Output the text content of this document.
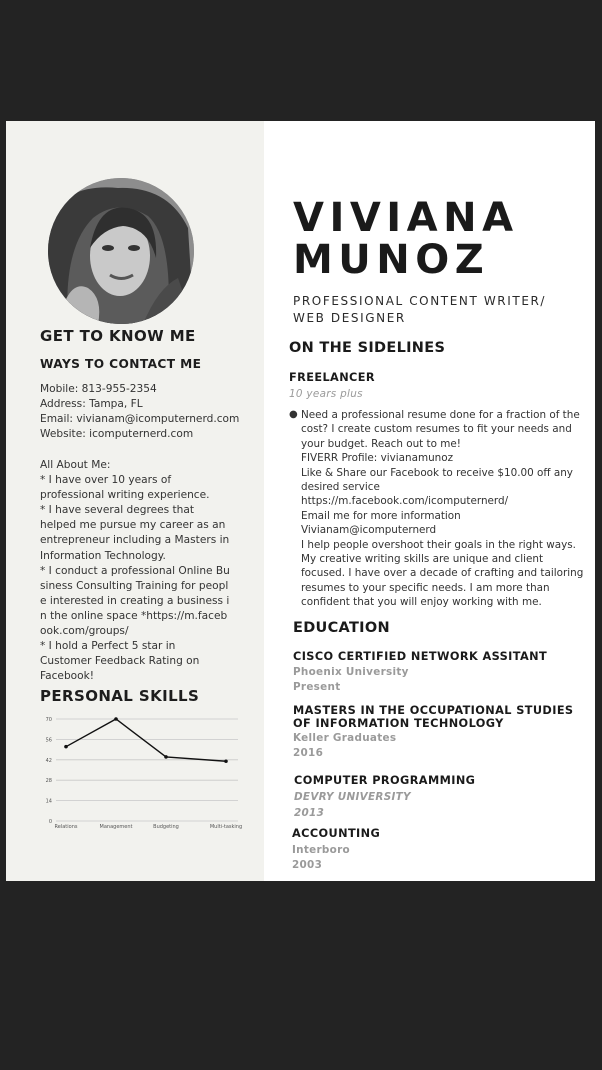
GET TO KNOW ME
WAYS TO CONTACT ME
Mobile: 813-955-2354
Address: Tampa, FL
Email: vivianam@icomputernerd.com
Website: icomputernerd.com
All About Me:
* I have over 10 years of professional writing experience.
* I have several degrees that helped me pursue my career as an entrepreneur including a Masters in Information Technology.
* I conduct a professional Online Business Consulting Training for people interested in creating a business in the online space *https://m.facebook.com/groups/
* I hold a Perfect 5 star in Customer Feedback Rating on Facebook!
PERSONAL SKILLS
0
14
28
42
56
70
Relations	Management	Budgeting	Multi-tasking
VIVIANA
MUNOZ

PROFESSIONAL CONTENT WRITER/ WEB DESIGNER

ON THE SIDELINES
FREELANCER

10 years plus

● Need a professional resume done for a fraction of the cost? I create custom resumes to fit your needs and your budget. Reach out to me!
FIVERR Profile: vivianamunoz
Like & Share our Facebook to receive $10.00 off any desired service
https://m.facebook.com/icomputernerd/
Email me for more information
Vivianam@icomputernerd
I help people overshoot their goals in the right ways. My creative writing skills are unique and client focused. I have over a decade of crafting and tailoring resumes to your specific needs. I am more than confident that you will enjoy working with me.
EDUCATION
CISCO CERTIFIED NETWORK ASSITANT

Phoenix University

Present

MASTERS IN THE OCCUPATIONAL STUDIES OF INFORMATION TECHNOLOGY

Keller Graduates

2016

COMPUTER PROGRAMMING

DEVRY UNIVERSITY

2013

ACCOUNTING

Interboro

2003
